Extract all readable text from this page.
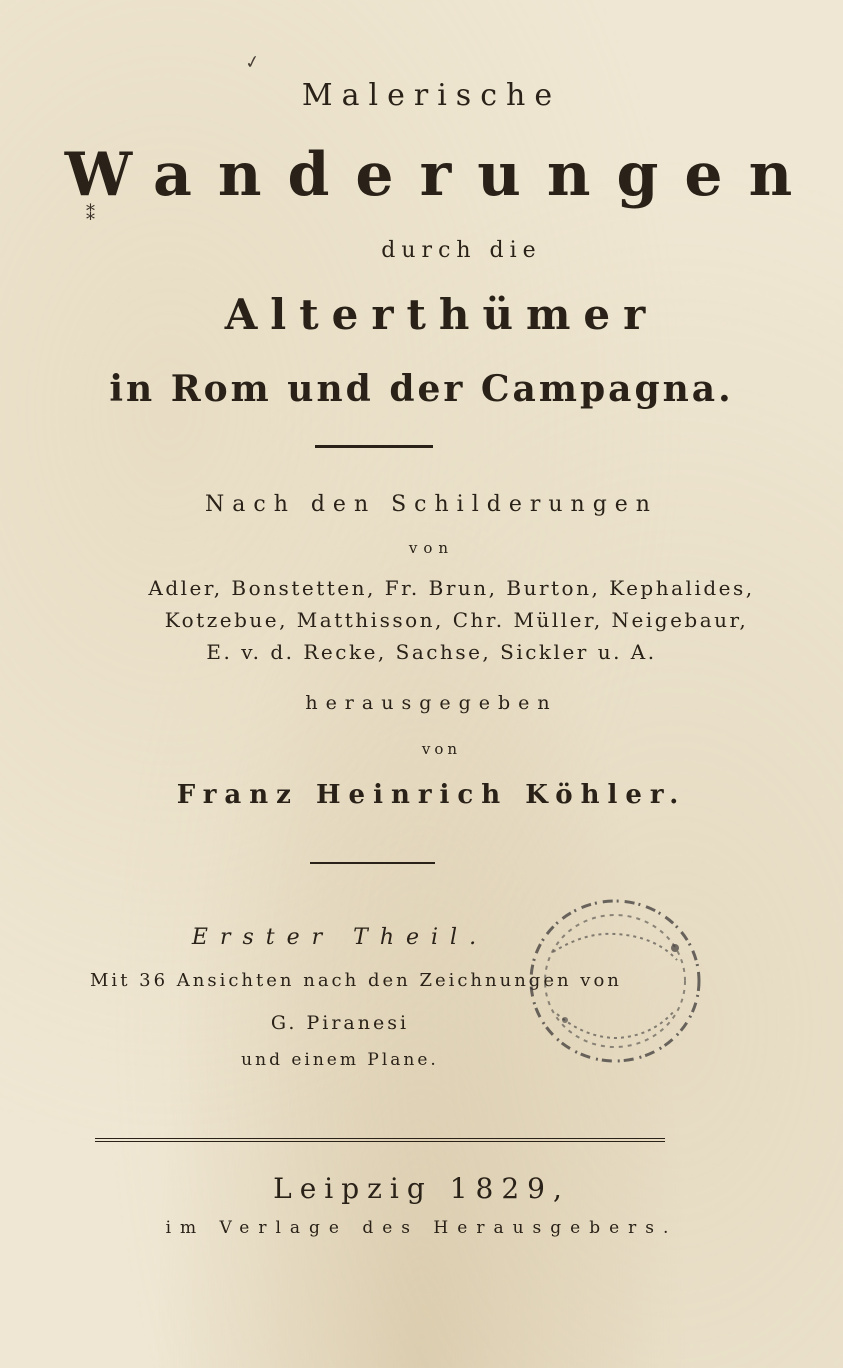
✓
⁑
Malerische
Wanderungen
durch die
Alterthümer
in Rom und der Campagna.
Nach den Schilderungen
von
Adler, Bonstetten, Fr. Brun, Burton, Kephalides,
Kotzebue, Matthisson, Chr. Müller, Neigebaur,
E. v. d. Recke, Sachse, Sickler u. A.
herausgegeben
von
Franz Heinrich Köhler.
Erster Theil.
Mit 36 Ansichten nach den Zeichnungen von
G. Piranesi
und einem Plane.
Leipzig 1829,
im Verlage des Herausgebers.
